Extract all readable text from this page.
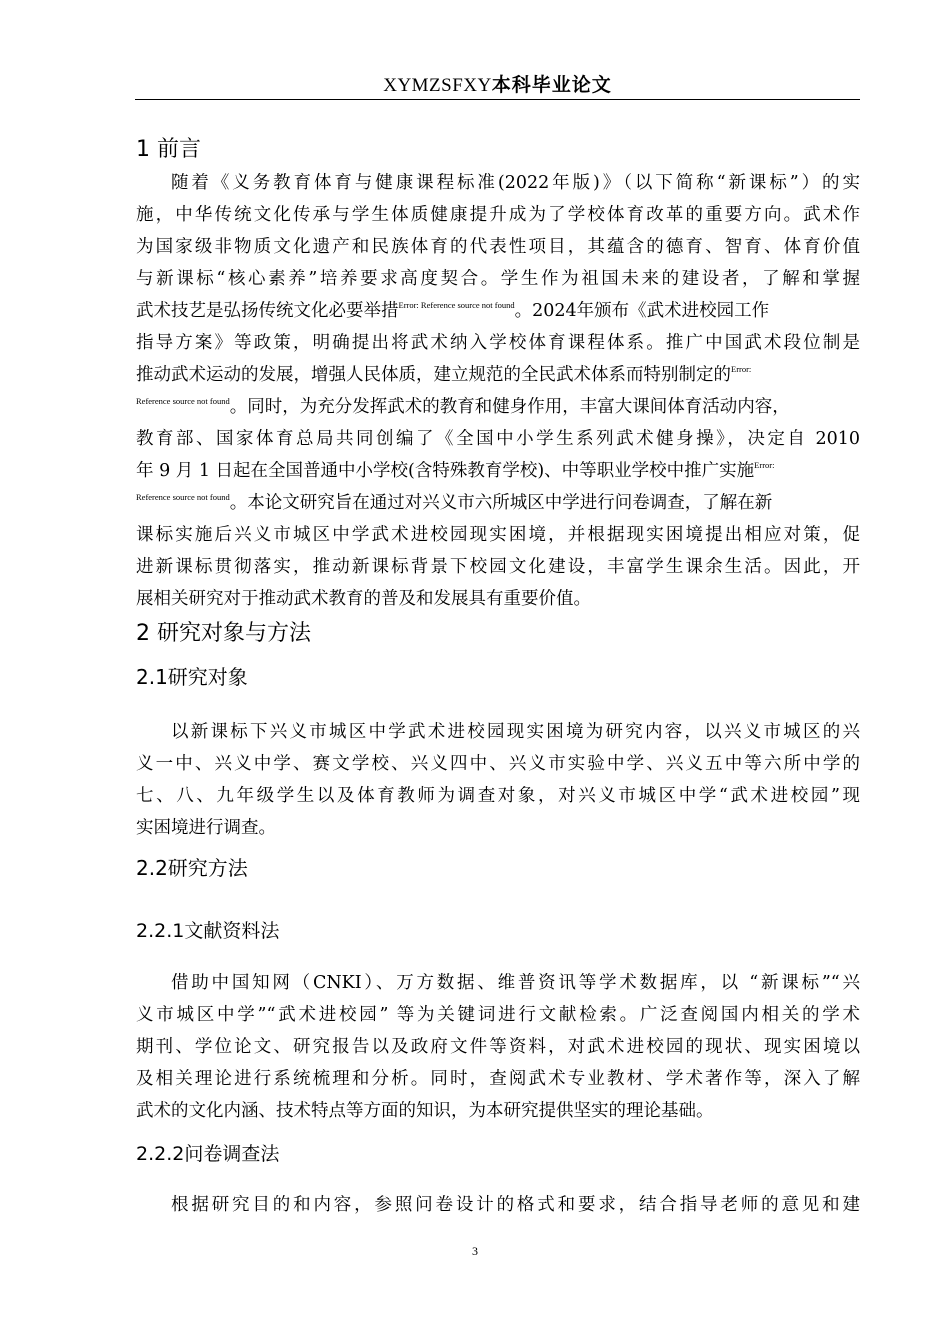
XYMZSFXY本科毕业论文
1 前言
随着《义务教育体育与健康课程标准(2022年版)》（以下简称“新课标”）的实
施，中华传统文化传承与学生体质健康提升成为了学校体育改革的重要方向。武术作
为国家级非物质文化遗产和民族体育的代表性项目，其蕴含的德育、智育、体育价值
与新课标“核心素养”培养要求高度契合。学生作为祖国未来的建设者，了解和掌握
武术技艺是弘扬传统文化必要举措$^{Error: Reference source not found}$。2024年颁布《武术进校园工作
指导方案》等政策，明确提出将武术纳入学校体育课程体系。推广中国武术段位制是
推动武术运动的发展，增强人民体质，建立规范的全民武术体系而特别制定的$^{Error:}$
$^{Reference source not found}$。同时，为充分发挥武术的教育和健身作用，丰富大课间体育活动内容，
教育部、国家体育总局共同创编了《全国中小学生系列武术健身操》，决定自 2010
年 9 月 1 日起在全国普通中小学校(含特殊教育学校)、中等职业学校中推广实施$^{Error:}$
$^{Reference source not found}$。本论文研究旨在通过对兴义市六所城区中学进行问卷调查，了解在新
课标实施后兴义市城区中学武术进校园现实困境，并根据现实困境提出相应对策，促
进新课标贯彻落实，推动新课标背景下校园文化建设，丰富学生课余生活。因此，开
展相关研究对于推动武术教育的普及和发展具有重要价值。
2 研究对象与方法
2.1研究对象
以新课标下兴义市城区中学武术进校园现实困境为研究内容，以兴义市城区的兴
义一中、兴义中学、赛文学校、兴义四中、兴义市实验中学、兴义五中等六所中学的
七、八、九年级学生以及体育教师为调查对象，对兴义市城区中学“武术进校园”现
实困境进行调查。
2.2研究方法
2.2.1文献资料法
借助中国知网（CNKI）、万方数据、维普资讯等学术数据库，以 “新课标”“兴
义市城区中学”“武术进校园” 等为关键词进行文献检索。广泛查阅国内相关的学术
期刊、学位论文、研究报告以及政府文件等资料，对武术进校园的现状、现实困境以
及相关理论进行系统梳理和分析。同时，查阅武术专业教材、学术著作等，深入了解
武术的文化内涵、技术特点等方面的知识，为本研究提供坚实的理论基础。
2.2.2问卷调查法
根据研究目的和内容，参照问卷设计的格式和要求，结合指导老师的意见和建
3
